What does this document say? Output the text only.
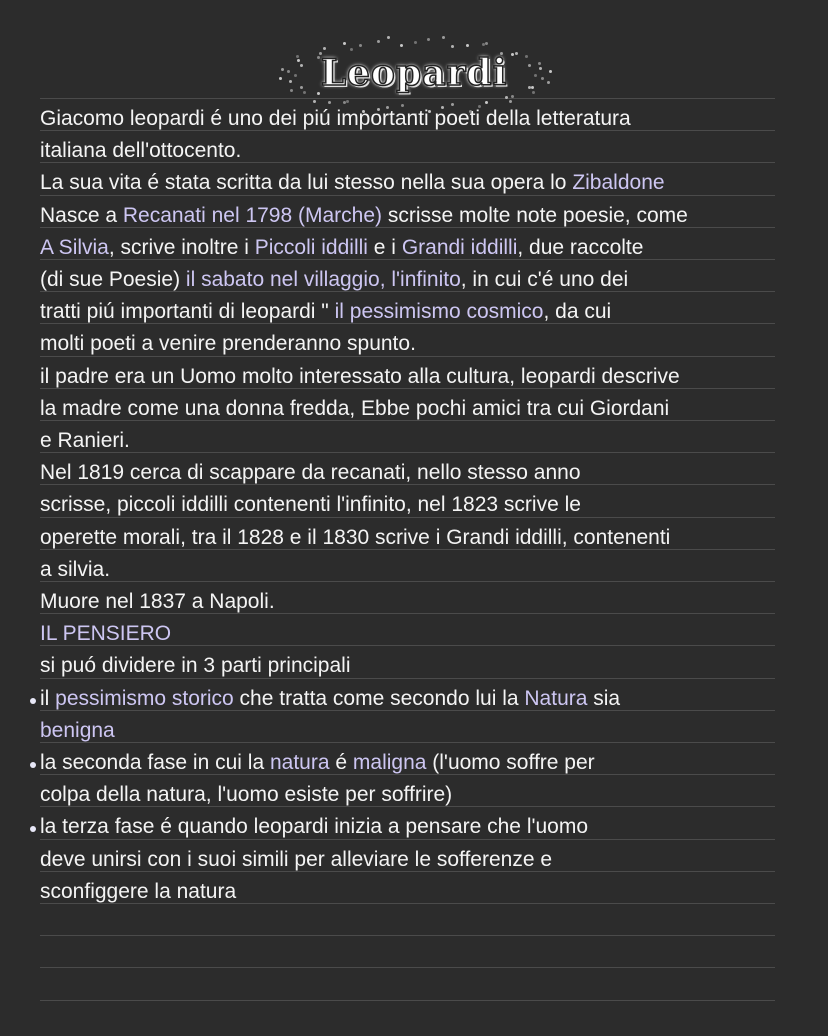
Leopardi
Giacomo leopardi é uno dei piú importanti poeti della letteratura
italiana dell'ottocento.
La sua vita é stata scritta da lui stesso nella sua opera lo Zibaldone
Nasce a Recanati nel 1798 (Marche) scrisse molte note poesie, come
A Silvia, scrive inoltre i Piccoli iddilli e i Grandi iddilli, due raccolte
(di sue Poesie) il sabato nel villaggio, l'infinito, in cui c'é uno dei
tratti piú importanti di leopardi " il pessimismo cosmico, da cui
molti poeti a venire prenderanno spunto.
il padre era un Uomo molto interessato alla cultura, leopardi descrive
la madre come una donna fredda, Ebbe pochi amici tra cui Giordani
e Ranieri.
Nel 1819 cerca di scappare da recanati, nello stesso anno
scrisse, piccoli iddilli contenenti l'infinito, nel 1823 scrive le
operette morali, tra il 1828 e il 1830 scrive i Grandi iddilli, contenenti
a silvia.
Muore nel 1837 a Napoli.
IL PENSIERO
si puó dividere in 3 parti principali
il pessimismo storico che tratta come secondo lui la Natura sia
benigna
la seconda fase in cui la natura é maligna (l'uomo soffre per
colpa della natura, l'uomo esiste per soffrire)
la terza fase é quando leopardi inizia a pensare che l'uomo
deve unirsi con i suoi simili per alleviare le sofferenze e
sconfiggere la natura
